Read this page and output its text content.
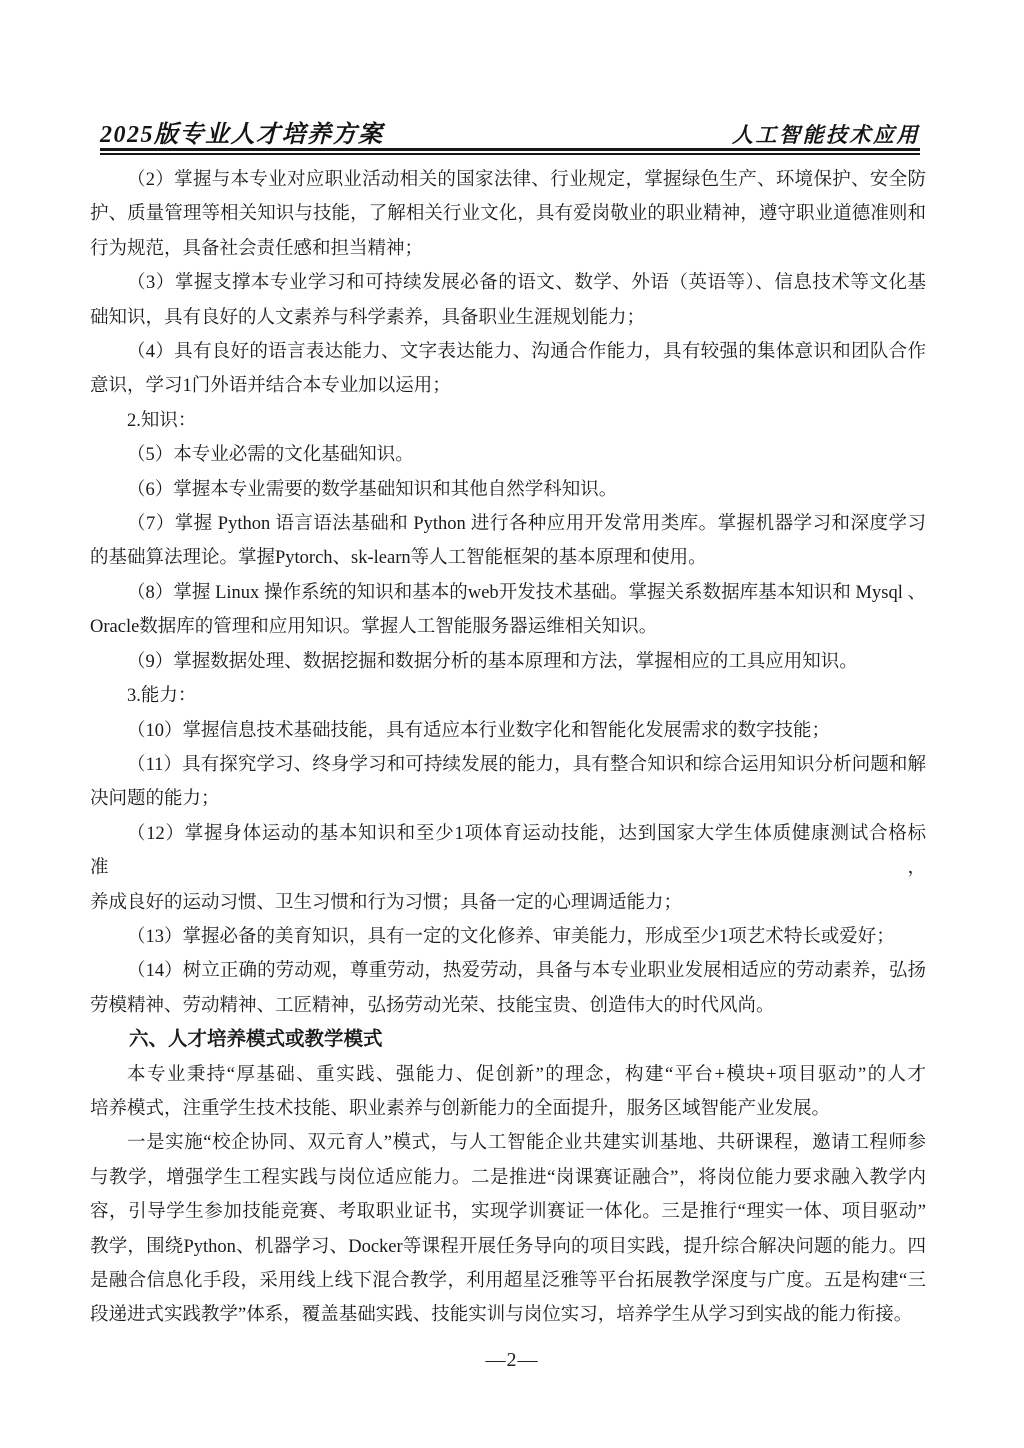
2025版专业人才培养方案	人工智能技术应用
（2）掌握与本专业对应职业活动相关的国家法律、行业规定，掌握绿色生产、环境保护、安全防
护、质量管理等相关知识与技能，了解相关行业文化，具有爱岗敬业的职业精神，遵守职业道德准则和
行为规范，具备社会责任感和担当精神；
（3）掌握支撑本专业学习和可持续发展必备的语文、数学、外语（英语等）、信息技术等文化基
础知识，具有良好的人文素养与科学素养，具备职业生涯规划能力；
（4）具有良好的语言表达能力、文字表达能力、沟通合作能力，具有较强的集体意识和团队合作
意识，学习1门外语并结合本专业加以运用；
2.知识：
（5）本专业必需的文化基础知识。
（6）掌握本专业需要的数学基础知识和其他自然学科知识。
（7）掌握 Python 语言语法基础和 Python 进行各种应用开发常用类库。掌握机器学习和深度学习
的基础算法理论。掌握Pytorch、sk-learn等人工智能框架的基本原理和使用。
（8）掌握 Linux 操作系统的知识和基本的web开发技术基础。掌握关系数据库基本知识和 Mysql 、
Oracle数据库的管理和应用知识。掌握人工智能服务器运维相关知识。
（9）掌握数据处理、数据挖掘和数据分析的基本原理和方法，掌握相应的工具应用知识。
3.能力：
（10）掌握信息技术基础技能，具有适应本行业数字化和智能化发展需求的数字技能；
（11）具有探究学习、终身学习和可持续发展的能力，具有整合知识和综合运用知识分析问题和解
决问题的能力；
（12）掌握身体运动的基本知识和至少1项体育运动技能，达到国家大学生体质健康测试合格标准，
养成良好的运动习惯、卫生习惯和行为习惯；具备一定的心理调适能力；
（13）掌握必备的美育知识，具有一定的文化修养、审美能力，形成至少1项艺术特长或爱好；
（14）树立正确的劳动观，尊重劳动，热爱劳动，具备与本专业职业发展相适应的劳动素养，弘扬
劳模精神、劳动精神、工匠精神，弘扬劳动光荣、技能宝贵、创造伟大的时代风尚。
六、人才培养模式或教学模式
本专业秉持“厚基础、重实践、强能力、促创新”的理念，构建“平台+模块+项目驱动”的人才
培养模式，注重学生技术技能、职业素养与创新能力的全面提升，服务区域智能产业发展。
一是实施“校企协同、双元育人”模式，与人工智能企业共建实训基地、共研课程，邀请工程师参
与教学，增强学生工程实践与岗位适应能力。二是推进“岗课赛证融合”，将岗位能力要求融入教学内
容，引导学生参加技能竞赛、考取职业证书，实现学训赛证一体化。三是推行“理实一体、项目驱动”
教学，围绕Python、机器学习、Docker等课程开展任务导向的项目实践，提升综合解决问题的能力。四
是融合信息化手段，采用线上线下混合教学，利用超星泛雅等平台拓展教学深度与广度。五是构建“三
段递进式实践教学”体系，覆盖基础实践、技能实训与岗位实习，培养学生从学习到实战的能力衔接。
—2—
